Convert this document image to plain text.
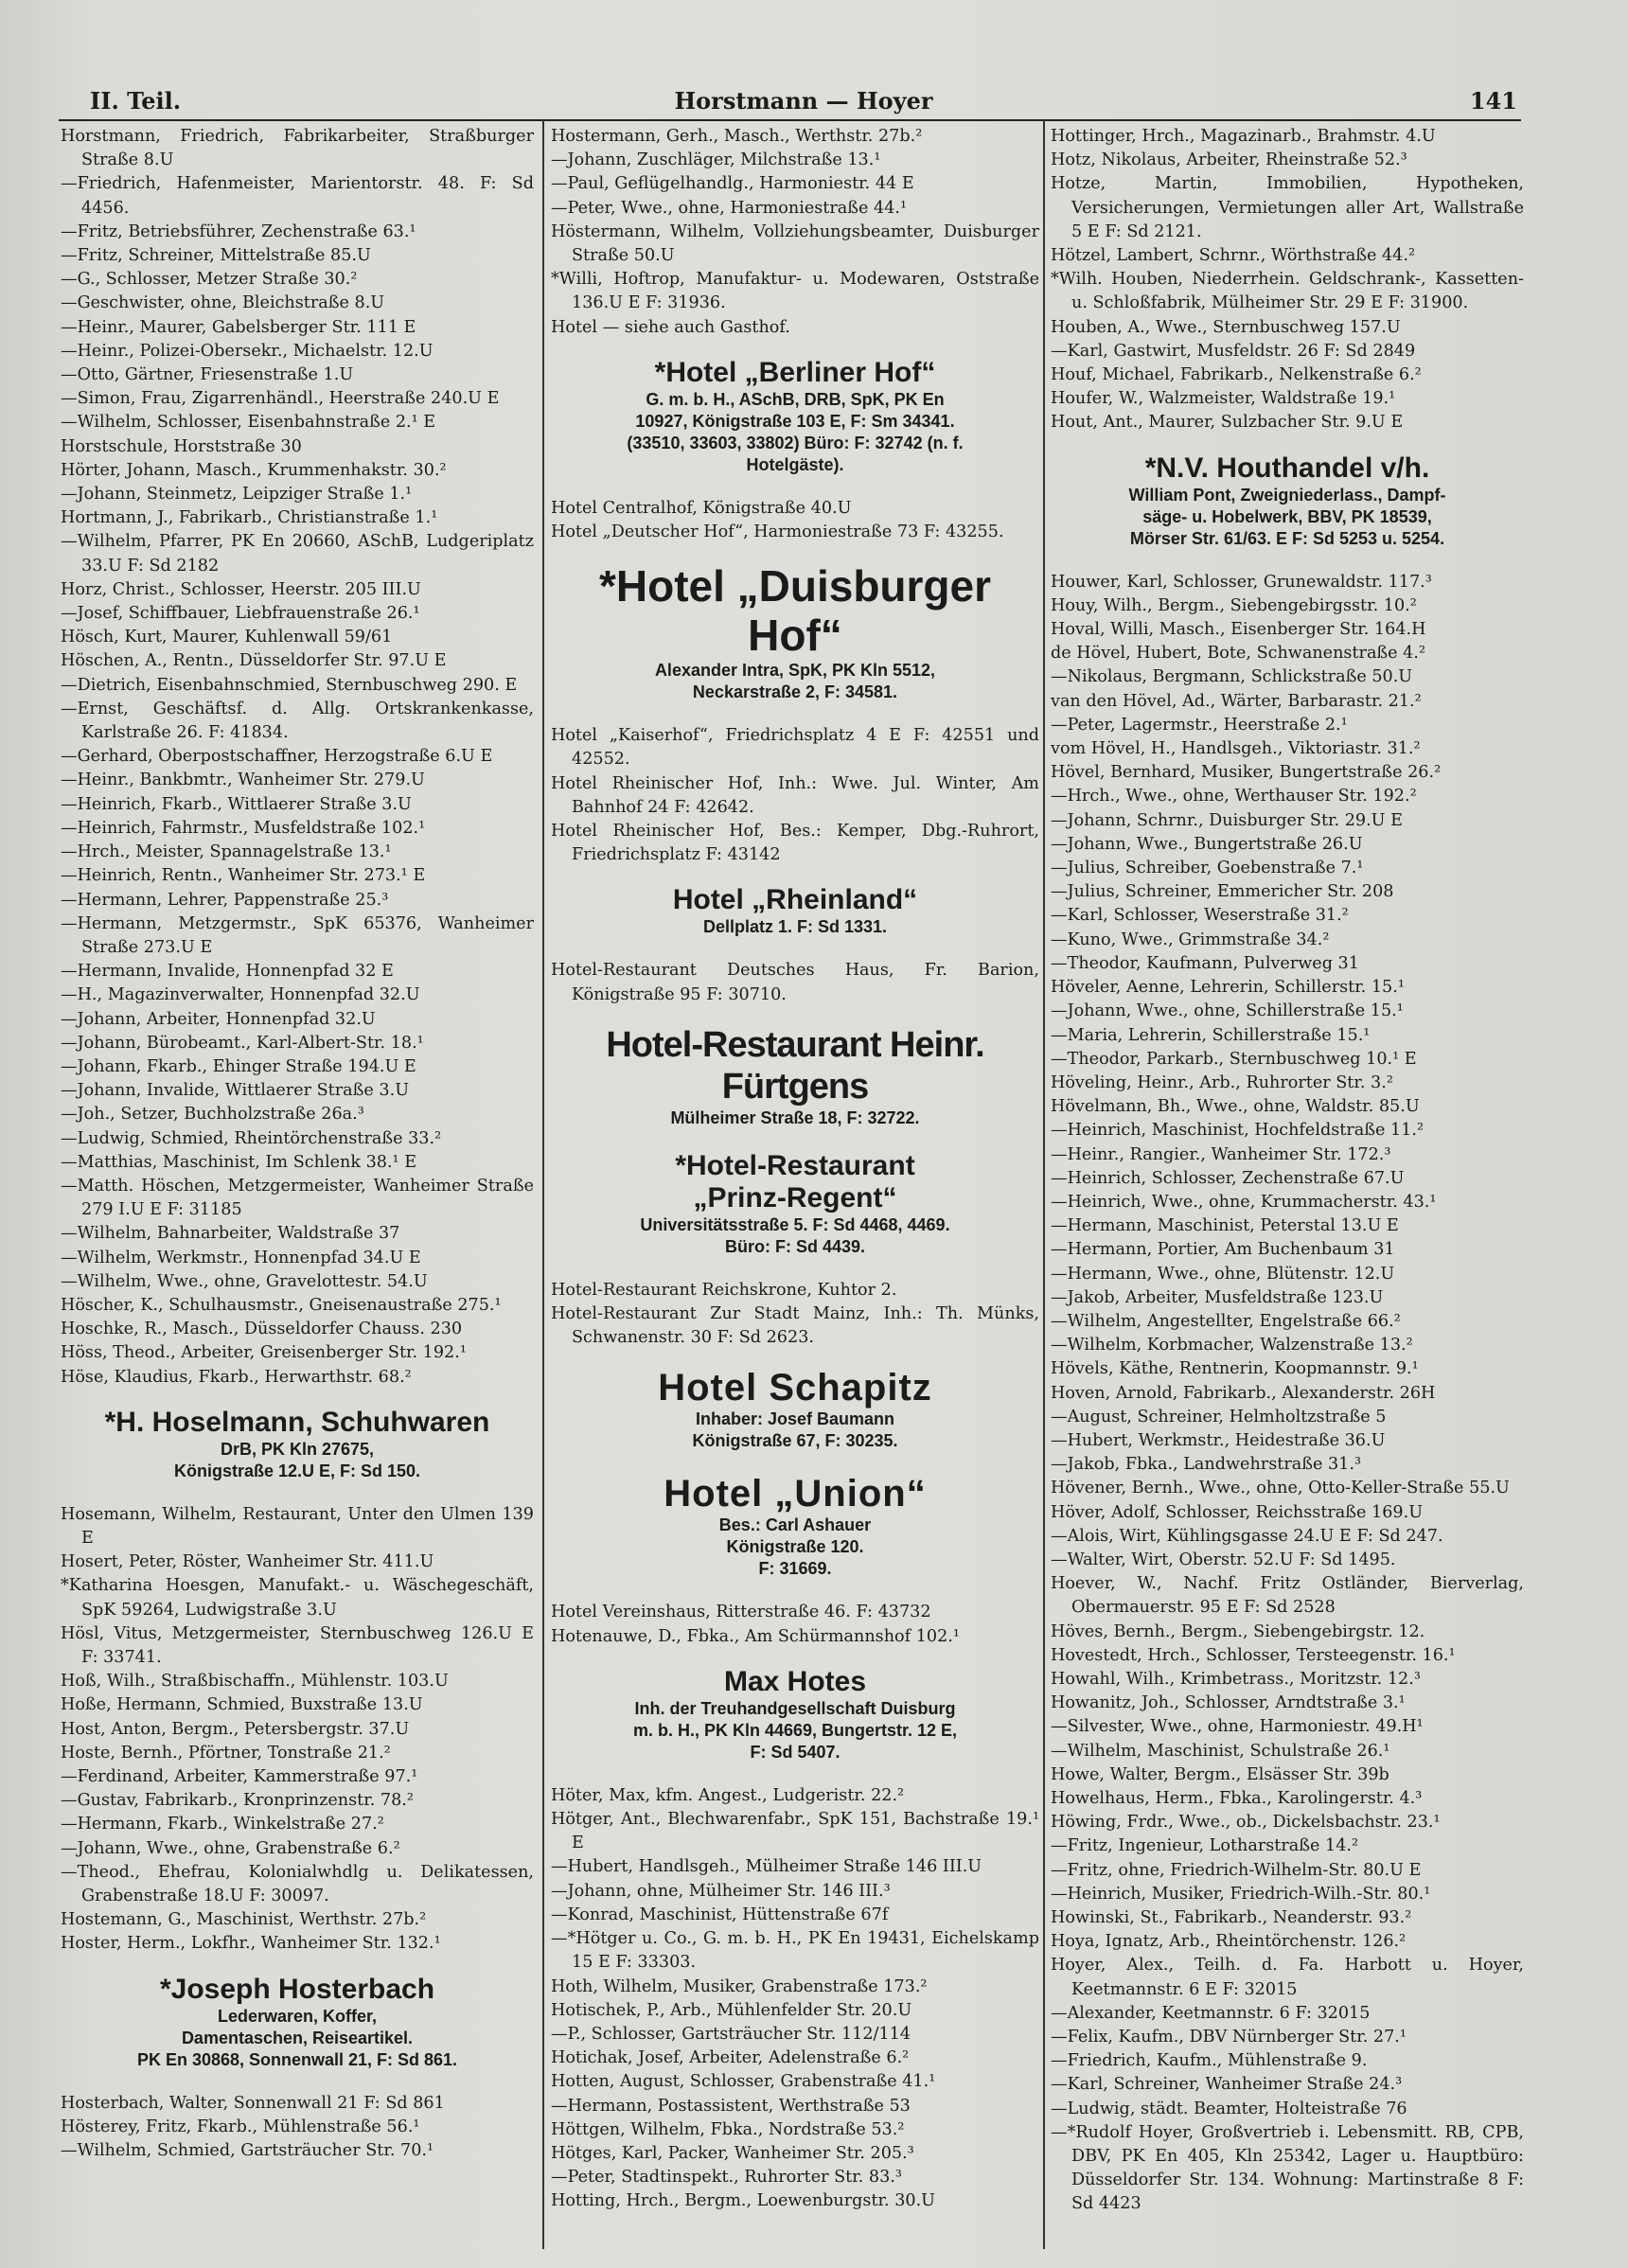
II. Teil.	Horstmann — Hoyer	141

Horstmann, Friedrich, Fabrikarbeiter, Straßburger Straße 8.U

—Friedrich, Hafenmeister, Marientorstr. 48. F: Sd 4456.

—Fritz, Betriebsführer, Zechenstraße 63.¹

—Fritz, Schreiner, Mittelstraße 85.U

—G., Schlosser, Metzer Straße 30.²

—Geschwister, ohne, Bleichstraße 8.U

—Heinr., Maurer, Gabelsberger Str. 111 E

—Heinr., Polizei-Obersekr., Michaelstr. 12.U

—Otto, Gärtner, Friesenstraße 1.U

—Simon, Frau, Zigarrenhändl., Heerstraße 240.U E

—Wilhelm, Schlosser, Eisenbahnstraße 2.¹ E

Horstschule, Horststraße 30

Hörter, Johann, Masch., Krummenhakstr. 30.²

—Johann, Steinmetz, Leipziger Straße 1.¹

Hortmann, J., Fabrikarb., Christianstraße 1.¹

—Wilhelm, Pfarrer, PK En 20660, ASchB, Ludgeriplatz 33.U F: Sd 2182

Horz, Christ., Schlosser, Heerstr. 205 III.U

—Josef, Schiffbauer, Liebfrauenstraße 26.¹

Hösch, Kurt, Maurer, Kuhlenwall 59/61

Höschen, A., Rentn., Düsseldorfer Str. 97.U E

—Dietrich, Eisenbahnschmied, Sternbuschweg 290. E

—Ernst, Geschäftsf. d. Allg. Ortskrankenkasse, Karlstraße 26. F: 41834.

—Gerhard, Oberpostschaffner, Herzogstraße 6.U E

—Heinr., Bankbmtr., Wanheimer Str. 279.U

—Heinrich, Fkarb., Wittlaerer Straße 3.U

—Heinrich, Fahrmstr., Musfeldstraße 102.¹

—Hrch., Meister, Spannagelstraße 13.¹

—Heinrich, Rentn., Wanheimer Str. 273.¹ E

—Hermann, Lehrer, Pappenstraße 25.³

—Hermann, Metzgermstr., SpK 65376, Wanheimer Straße 273.U E

—Hermann, Invalide, Honnenpfad 32 E

—H., Magazinverwalter, Honnenpfad 32.U

—Johann, Arbeiter, Honnenpfad 32.U

—Johann, Bürobeamt., Karl-Albert-Str. 18.¹

—Johann, Fkarb., Ehinger Straße 194.U E

—Johann, Invalide, Wittlaerer Straße 3.U

—Joh., Setzer, Buchholzstraße 26a.³

—Ludwig, Schmied, Rheintörchenstraße 33.²

—Matthias, Maschinist, Im Schlenk 38.¹ E

—Matth. Höschen, Metzgermeister, Wanheimer Straße 279 I.U E F: 31185

—Wilhelm, Bahnarbeiter, Waldstraße 37

—Wilhelm, Werkmstr., Honnenpfad 34.U E

—Wilhelm, Wwe., ohne, Gravelottestr. 54.U

Höscher, K., Schulhausmstr., Gneisenaustraße 275.¹

Hoschke, R., Masch., Düsseldorfer Chauss. 230

Höss, Theod., Arbeiter, Greisenberger Str. 192.¹

Höse, Klaudius, Fkarb., Herwarthstr. 68.²

*H. Hoselmann, Schuhwaren
DrB, PK Kln 27675,
Königstraße 12.U E, F: Sd 150.

Hosemann, Wilhelm, Restaurant, Unter den Ulmen 139 E

Hosert, Peter, Röster, Wanheimer Str. 411.U

*Katharina Hoesgen, Manufakt.- u. Wäschegeschäft, SpK 59264, Ludwigstraße 3.U

Hösl, Vitus, Metzgermeister, Sternbuschweg 126.U E F: 33741.

Hoß, Wilh., Straßbischaffn., Mühlenstr. 103.U

Hoße, Hermann, Schmied, Buxstraße 13.U

Host, Anton, Bergm., Petersbergstr. 37.U

Hoste, Bernh., Pförtner, Tonstraße 21.²

—Ferdinand, Arbeiter, Kammerstraße 97.¹

—Gustav, Fabrikarb., Kronprinzenstr. 78.²

—Hermann, Fkarb., Winkelstraße 27.²

—Johann, Wwe., ohne, Grabenstraße 6.²

—Theod., Ehefrau, Kolonialwhdlg u. Delikatessen, Grabenstraße 18.U F: 30097.

Hostemann, G., Maschinist, Werthstr. 27b.²

Hoster, Herm., Lokfhr., Wanheimer Str. 132.¹

*Joseph Hosterbach
Lederwaren, Koffer,
Damentaschen, Reiseartikel.
PK En 30868, Sonnenwall 21, F: Sd 861.

Hosterbach, Walter, Sonnenwall 21 F: Sd 861

Hösterey, Fritz, Fkarb., Mühlenstraße 56.¹

—Wilhelm, Schmied, Gartsträucher Str. 70.¹

Hostermann, Gerh., Masch., Werthstr. 27b.²

—Johann, Zuschläger, Milchstraße 13.¹

—Paul, Geflügelhandlg., Harmoniestr. 44 E

—Peter, Wwe., ohne, Harmoniestraße 44.¹

Höstermann, Wilhelm, Vollziehungsbeamter, Duisburger Straße 50.U

*Willi, Hoftrop, Manufaktur- u. Modewaren, Oststraße 136.U E F: 31936.

Hotel — siehe auch Gasthof.

*Hotel „Berliner Hof“
G. m. b. H., ASchB, DRB, SpK, PK En
10927, Königstraße 103 E, F: Sm 34341.
(33510, 33603, 33802) Büro: F: 32742 (n. f.
Hotelgäste).

Hotel Centralhof, Königstraße 40.U

Hotel „Deutscher Hof“, Harmoniestraße 73 F: 43255.

*Hotel „Duisburger Hof“
Alexander Intra, SpK, PK Kln 5512,
Neckarstraße 2, F: 34581.

Hotel „Kaiserhof“, Friedrichsplatz 4 E F: 42551 und 42552.

Hotel Rheinischer Hof, Inh.: Wwe. Jul. Winter, Am Bahnhof 24 F: 42642.

Hotel Rheinischer Hof, Bes.: Kemper, Dbg.-Ruhrort, Friedrichsplatz F: 43142

Hotel „Rheinland“
Dellplatz 1. F: Sd 1331.

Hotel-Restaurant Deutsches Haus, Fr. Barion, Königstraße 95 F: 30710.

Hotel-Restaurant Heinr. Fürtgens
Mülheimer Straße 18, F: 32722.
*Hotel-Restaurant
„Prinz-Regent“
Universitätsstraße 5. F: Sd 4468, 4469.
Büro: F: Sd 4439.

Hotel-Restaurant Reichskrone, Kuhtor 2.

Hotel-Restaurant Zur Stadt Mainz, Inh.: Th. Münks, Schwanenstr. 30 F: Sd 2623.

Hotel Schapitz
Inhaber: Josef Baumann
Königstraße 67, F: 30235.
Hotel „Union“
Bes.: Carl Ashauer
Königstraße 120.
F: 31669.

Hotel Vereinshaus, Ritterstraße 46. F: 43732

Hotenauwe, D., Fbka., Am Schürmannshof 102.¹

Max Hotes
Inh. der Treuhandgesellschaft Duisburg
m. b. H., PK Kln 44669, Bungertstr. 12 E,
F: Sd 5407.

Höter, Max, kfm. Angest., Ludgeristr. 22.²

Hötger, Ant., Blechwarenfabr., SpK 151, Bachstraße 19.¹ E

—Hubert, Handlsgeh., Mülheimer Straße 146 III.U

—Johann, ohne, Mülheimer Str. 146 III.³

—Konrad, Maschinist, Hüttenstraße 67f

—*Hötger u. Co., G. m. b. H., PK En 19431, Eichelskamp 15 E F: 33303.

Hoth, Wilhelm, Musiker, Grabenstraße 173.²

Hotischek, P., Arb., Mühlenfelder Str. 20.U

—P., Schlosser, Gartsträucher Str. 112/114

Hotichak, Josef, Arbeiter, Adelenstraße 6.²

Hotten, August, Schlosser, Grabenstraße 41.¹

—Hermann, Postassistent, Werthstraße 53

Höttgen, Wilhelm, Fbka., Nordstraße 53.²

Hötges, Karl, Packer, Wanheimer Str. 205.³

—Peter, Stadtinspekt., Ruhrorter Str. 83.³

Hotting, Hrch., Bergm., Loewenburgstr. 30.U

Hottinger, Hrch., Magazinarb., Brahmstr. 4.U

Hotz, Nikolaus, Arbeiter, Rheinstraße 52.³

Hotze, Martin, Immobilien, Hypotheken, Versicherungen, Vermietungen aller Art, Wallstraße 5 E F: Sd 2121.

Hötzel, Lambert, Schrnr., Wörthstraße 44.²

*Wilh. Houben, Niederrhein. Geldschrank-, Kassetten- u. Schloßfabrik, Mülheimer Str. 29 E F: 31900.

Houben, A., Wwe., Sternbuschweg 157.U

—Karl, Gastwirt, Musfeldstr. 26 F: Sd 2849

Houf, Michael, Fabrikarb., Nelkenstraße 6.²

Houfer, W., Walzmeister, Waldstraße 19.¹

Hout, Ant., Maurer, Sulzbacher Str. 9.U E

*N.V. Houthandel v/h.
William Pont, Zweigniederlass., Dampf-
säge- u. Hobelwerk, BBV, PK 18539,
Mörser Str. 61/63. E F: Sd 5253 u. 5254.

Houwer, Karl, Schlosser, Grunewaldstr. 117.³

Houy, Wilh., Bergm., Siebengebirgsstr. 10.²

Hoval, Willi, Masch., Eisenberger Str. 164.H

de Hövel, Hubert, Bote, Schwanenstraße 4.²

—Nikolaus, Bergmann, Schlickstraße 50.U

van den Hövel, Ad., Wärter, Barbarastr. 21.²

—Peter, Lagermstr., Heerstraße 2.¹

vom Hövel, H., Handlsgeh., Viktoriastr. 31.²

Hövel, Bernhard, Musiker, Bungertstraße 26.²

—Hrch., Wwe., ohne, Werthauser Str. 192.²

—Johann, Schrnr., Duisburger Str. 29.U E

—Johann, Wwe., Bungertstraße 26.U

—Julius, Schreiber, Goebenstraße 7.¹

—Julius, Schreiner, Emmericher Str. 208

—Karl, Schlosser, Weserstraße 31.²

—Kuno, Wwe., Grimmstraße 34.²

—Theodor, Kaufmann, Pulverweg 31

Höveler, Aenne, Lehrerin, Schillerstr. 15.¹

—Johann, Wwe., ohne, Schillerstraße 15.¹

—Maria, Lehrerin, Schillerstraße 15.¹

—Theodor, Parkarb., Sternbuschweg 10.¹ E

Höveling, Heinr., Arb., Ruhrorter Str. 3.²

Hövelmann, Bh., Wwe., ohne, Waldstr. 85.U

—Heinrich, Maschinist, Hochfeldstraße 11.²

—Heinr., Rangier., Wanheimer Str. 172.³

—Heinrich, Schlosser, Zechenstraße 67.U

—Heinrich, Wwe., ohne, Krummacherstr. 43.¹

—Hermann, Maschinist, Peterstal 13.U E

—Hermann, Portier, Am Buchenbaum 31

—Hermann, Wwe., ohne, Blütenstr. 12.U

—Jakob, Arbeiter, Musfeldstraße 123.U

—Wilhelm, Angestellter, Engelstraße 66.²

—Wilhelm, Korbmacher, Walzenstraße 13.²

Hövels, Käthe, Rentnerin, Koopmannstr. 9.¹

Hoven, Arnold, Fabrikarb., Alexanderstr. 26H

—August, Schreiner, Helmholtzstraße 5

—Hubert, Werkmstr., Heidestraße 36.U

—Jakob, Fbka., Landwehrstraße 31.³

Hövener, Bernh., Wwe., ohne, Otto-Keller-Straße 55.U

Höver, Adolf, Schlosser, Reichsstraße 169.U

—Alois, Wirt, Kühlingsgasse 24.U E F: Sd 247.

—Walter, Wirt, Oberstr. 52.U F: Sd 1495.

Hoever, W., Nachf. Fritz Ostländer, Bierverlag, Obermauerstr. 95 E F: Sd 2528

Höves, Bernh., Bergm., Siebengebirgstr. 12.

Hovestedt, Hrch., Schlosser, Tersteegenstr. 16.¹

Howahl, Wilh., Krimbetrass., Moritzstr. 12.³

Howanitz, Joh., Schlosser, Arndtstraße 3.¹

—Silvester, Wwe., ohne, Harmoniestr. 49.H¹

—Wilhelm, Maschinist, Schulstraße 26.¹

Howe, Walter, Bergm., Elsässer Str. 39b

Howelhaus, Herm., Fbka., Karolingerstr. 4.³

Höwing, Frdr., Wwe., ob., Dickelsbachstr. 23.¹

—Fritz, Ingenieur, Lotharstraße 14.²

—Fritz, ohne, Friedrich-Wilhelm-Str. 80.U E

—Heinrich, Musiker, Friedrich-Wilh.-Str. 80.¹

Howinski, St., Fabrikarb., Neanderstr. 93.²

Hoya, Ignatz, Arb., Rheintörchenstr. 126.²

Hoyer, Alex., Teilh. d. Fa. Harbott u. Hoyer, Keetmannstr. 6 E F: 32015

—Alexander, Keetmannstr. 6 F: 32015

—Felix, Kaufm., DBV Nürnberger Str. 27.¹

—Friedrich, Kaufm., Mühlenstraße 9.

—Karl, Schreiner, Wanheimer Straße 24.³

—Ludwig, städt. Beamter, Holteistraße 76

—*Rudolf Hoyer, Großvertrieb i. Lebensmitt. RB, CPB, DBV, PK En 405, Kln 25342, Lager u. Hauptbüro: Düsseldorfer Str. 134. Wohnung: Martinstraße 8 F: Sd 4423
